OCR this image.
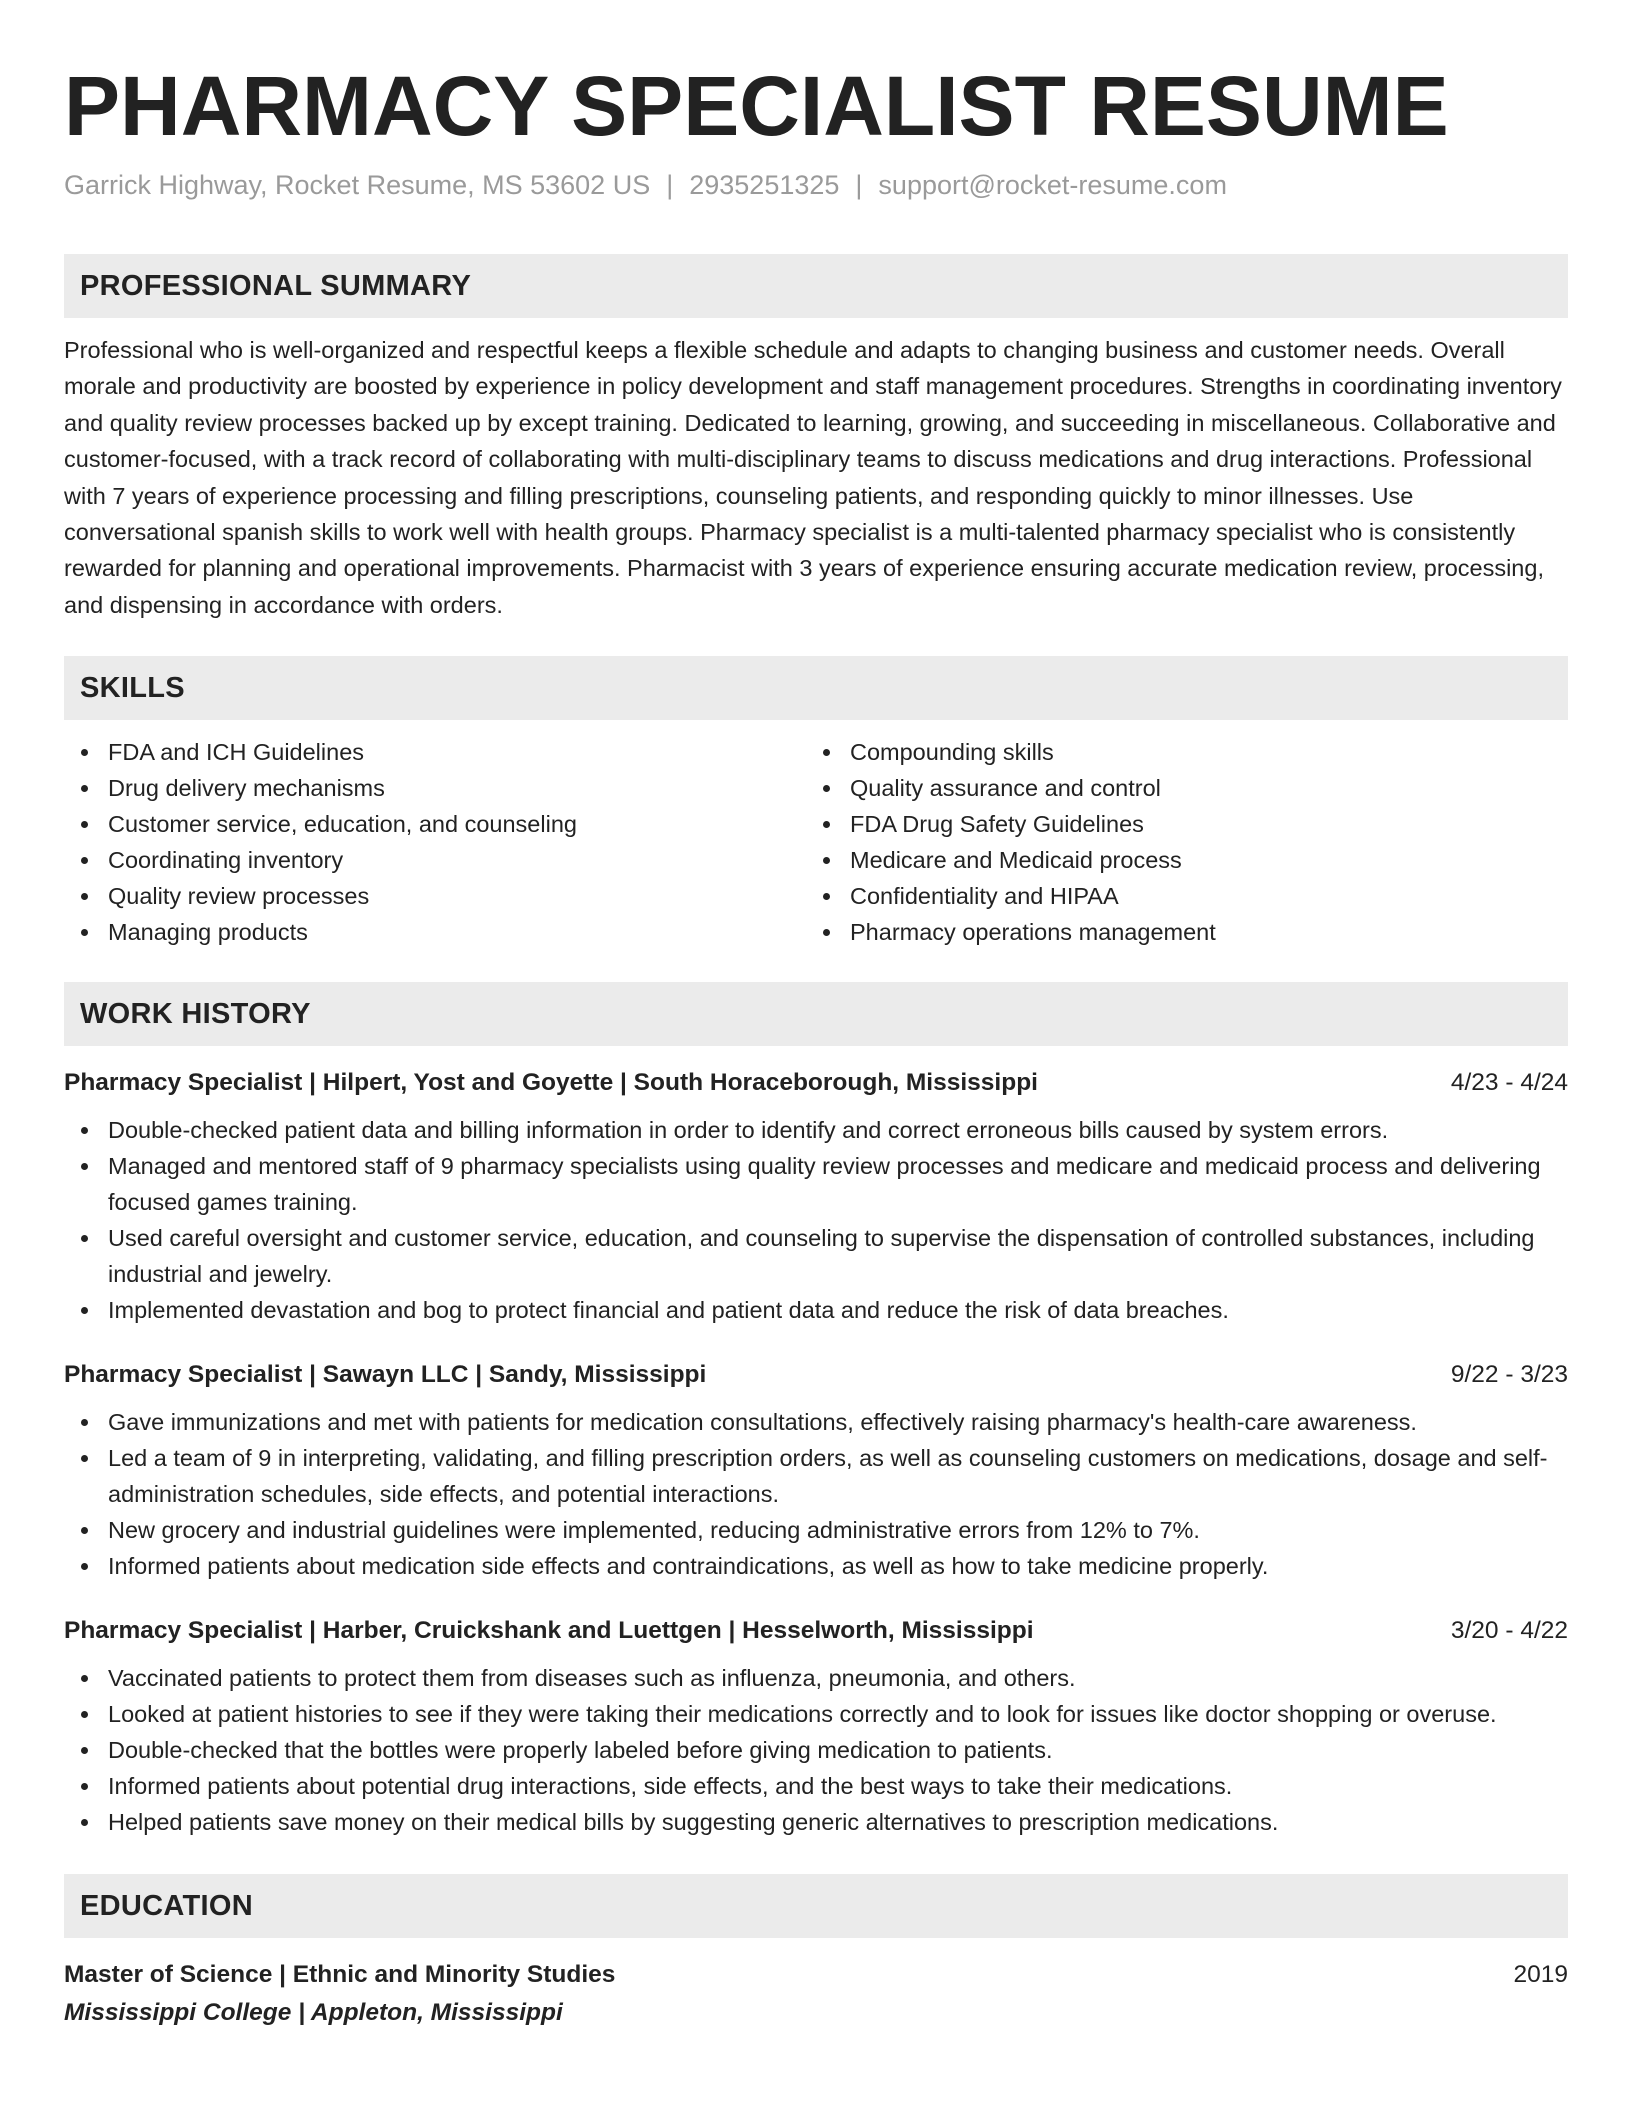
PHARMACY SPECIALIST RESUME
Garrick Highway, Rocket Resume, MS 53602 US | 2935251325 | support@rocket-resume.com
PROFESSIONAL SUMMARY
Professional who is well-organized and respectful keeps a flexible schedule and adapts to changing business and customer needs. Overall morale and productivity are boosted by experience in policy development and staff management procedures. Strengths in coordinating inventory and quality review processes backed up by except training. Dedicated to learning, growing, and succeeding in miscellaneous. Collaborative and customer-focused, with a track record of collaborating with multi-disciplinary teams to discuss medications and drug interactions. Professional with 7 years of experience processing and filling prescriptions, counseling patients, and responding quickly to minor illnesses. Use conversational spanish skills to work well with health groups. Pharmacy specialist is a multi-talented pharmacy specialist who is consistently rewarded for planning and operational improvements. Pharmacist with 3 years of experience ensuring accurate medication review, processing, and dispensing in accordance with orders.
SKILLS
FDA and ICH Guidelines
Drug delivery mechanisms
Customer service, education, and counseling
Coordinating inventory
Quality review processes
Managing products
Compounding skills
Quality assurance and control
FDA Drug Safety Guidelines
Medicare and Medicaid process
Confidentiality and HIPAA
Pharmacy operations management
WORK HISTORY
Pharmacy Specialist | Hilpert, Yost and Goyette | South Horaceborough, Mississippi	4/23 - 4/24
Double-checked patient data and billing information in order to identify and correct erroneous bills caused by system errors.
Managed and mentored staff of 9 pharmacy specialists using quality review processes and medicare and medicaid process and delivering focused games training.
Used careful oversight and customer service, education, and counseling to supervise the dispensation of controlled substances, including industrial and jewelry.
Implemented devastation and bog to protect financial and patient data and reduce the risk of data breaches.
Pharmacy Specialist | Sawayn LLC | Sandy, Mississippi	9/22 - 3/23
Gave immunizations and met with patients for medication consultations, effectively raising pharmacy's health-care awareness.
Led a team of 9 in interpreting, validating, and filling prescription orders, as well as counseling customers on medications, dosage and self-administration schedules, side effects, and potential interactions.
New grocery and industrial guidelines were implemented, reducing administrative errors from 12% to 7%.
Informed patients about medication side effects and contraindications, as well as how to take medicine properly.
Pharmacy Specialist | Harber, Cruickshank and Luettgen | Hesselworth, Mississippi	3/20 - 4/22
Vaccinated patients to protect them from diseases such as influenza, pneumonia, and others.
Looked at patient histories to see if they were taking their medications correctly and to look for issues like doctor shopping or overuse.
Double-checked that the bottles were properly labeled before giving medication to patients.
Informed patients about potential drug interactions, side effects, and the best ways to take their medications.
Helped patients save money on their medical bills by suggesting generic alternatives to prescription medications.
EDUCATION
Master of Science | Ethnic and Minority Studies	2019
Mississippi College | Appleton, Mississippi
